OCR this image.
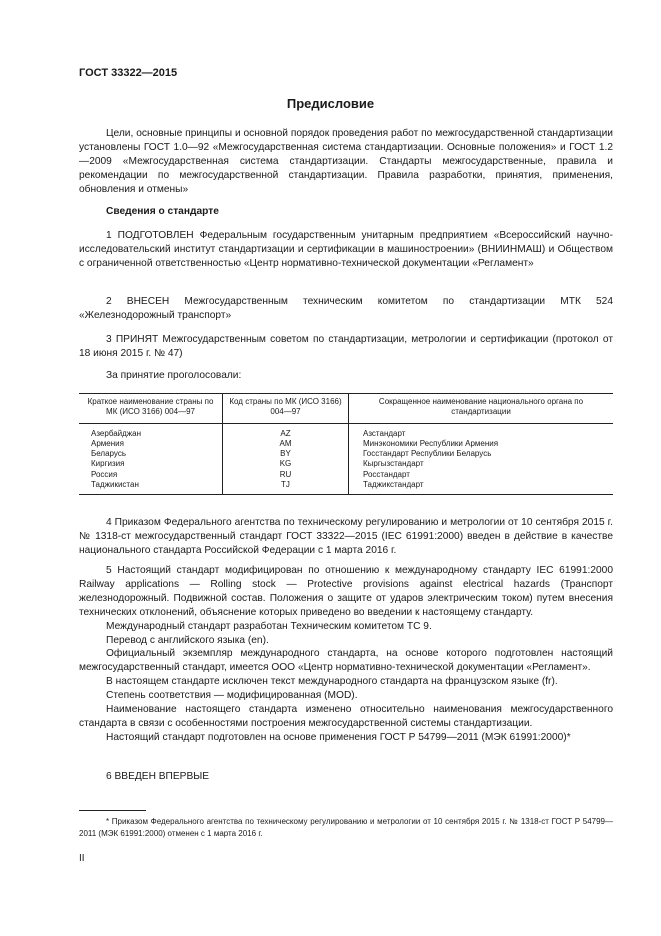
ГОСТ 33322—2015
Предисловие
Цели, основные принципы и основной порядок проведения работ по межгосударственной стандартизации установлены ГОСТ 1.0—92 «Межгосударственная система стандартизации. Основные положения» и ГОСТ 1.2—2009 «Межгосударственная система стандартизации. Стандарты межгосударственные, правила и рекомендации по межгосударственной стандартизации. Правила разработки, принятия, применения, обновления и отмены»
Сведения о стандарте
1 ПОДГОТОВЛЕН Федеральным государственным унитарным предприятием «Всероссийский научно-исследовательский институт стандартизации и сертификации в машиностроении» (ВНИИНМАШ) и Обществом с ограниченной ответственностью «Центр нормативно-технической документации «Регламент»
2 ВНЕСЕН Межгосударственным техническим комитетом по стандартизации МТК 524 «Железнодорожный транспорт»
3 ПРИНЯТ Межгосударственным советом по стандартизации, метрологии и сертификации (протокол от 18 июня 2015 г. № 47)
За принятие проголосовали:
Краткое наименование страны по МК (ИСО 3166) 004—97	Код страны по МК (ИСО 3166) 004—97	Сокращенное наименование национального органа по стандартизации
Азербайджан	AZ	Азстандарт
Армения	AM	Минэкономики Республики Армения
Беларусь	BY	Госстандарт Республики Беларусь
Киргизия	KG	Кыргызстандарт
Россия	RU	Росстандарт
Таджикистан	TJ	Таджикстандарт
4 Приказом Федерального агентства по техническому регулированию и метрологии от 10 сентября 2015 г. № 1318-ст межгосударственный стандарт ГОСТ 33322—2015 (IEC 61991:2000) введен в действие в качестве национального стандарта Российской Федерации с 1 марта 2016 г.

5 Настоящий стандарт модифицирован по отношению к международному стандарту IEC 61991:2000 Railway applications — Rolling stock — Protective provisions against electrical hazards (Транспорт железнодорожный. Подвижной состав. Положения о защите от ударов электрическим током) путем внесения технических отклонений, объяснение которых приведено во введении к настоящему стандарту.

Международный стандарт разработан Техническим комитетом ТС 9.

Перевод с английского языка (en).

Официальный экземпляр международного стандарта, на основе которого подготовлен настоящий межгосударственный стандарт, имеется ООО «Центр нормативно-технической документации «Регламент».

В настоящем стандарте исключен текст международного стандарта на французском языке (fr).

Степень соответствия — модифицированная (MOD).

Наименование настоящего стандарта изменено относительно наименования межгосударственного стандарта в связи с особенностями построения межгосударственной системы стандартизации.

Настоящий стандарт подготовлен на основе применения ГОСТ Р 54799—2011 (МЭК 61991:2000)*

6 ВВЕДЕН ВПЕРВЫЕ
* Приказом Федерального агентства по техническому регулированию и метрологии от 10 сентября 2015 г. № 1318-ст ГОСТ Р 54799—2011 (МЭК 61991:2000) отменен с 1 марта 2016 г.
II
